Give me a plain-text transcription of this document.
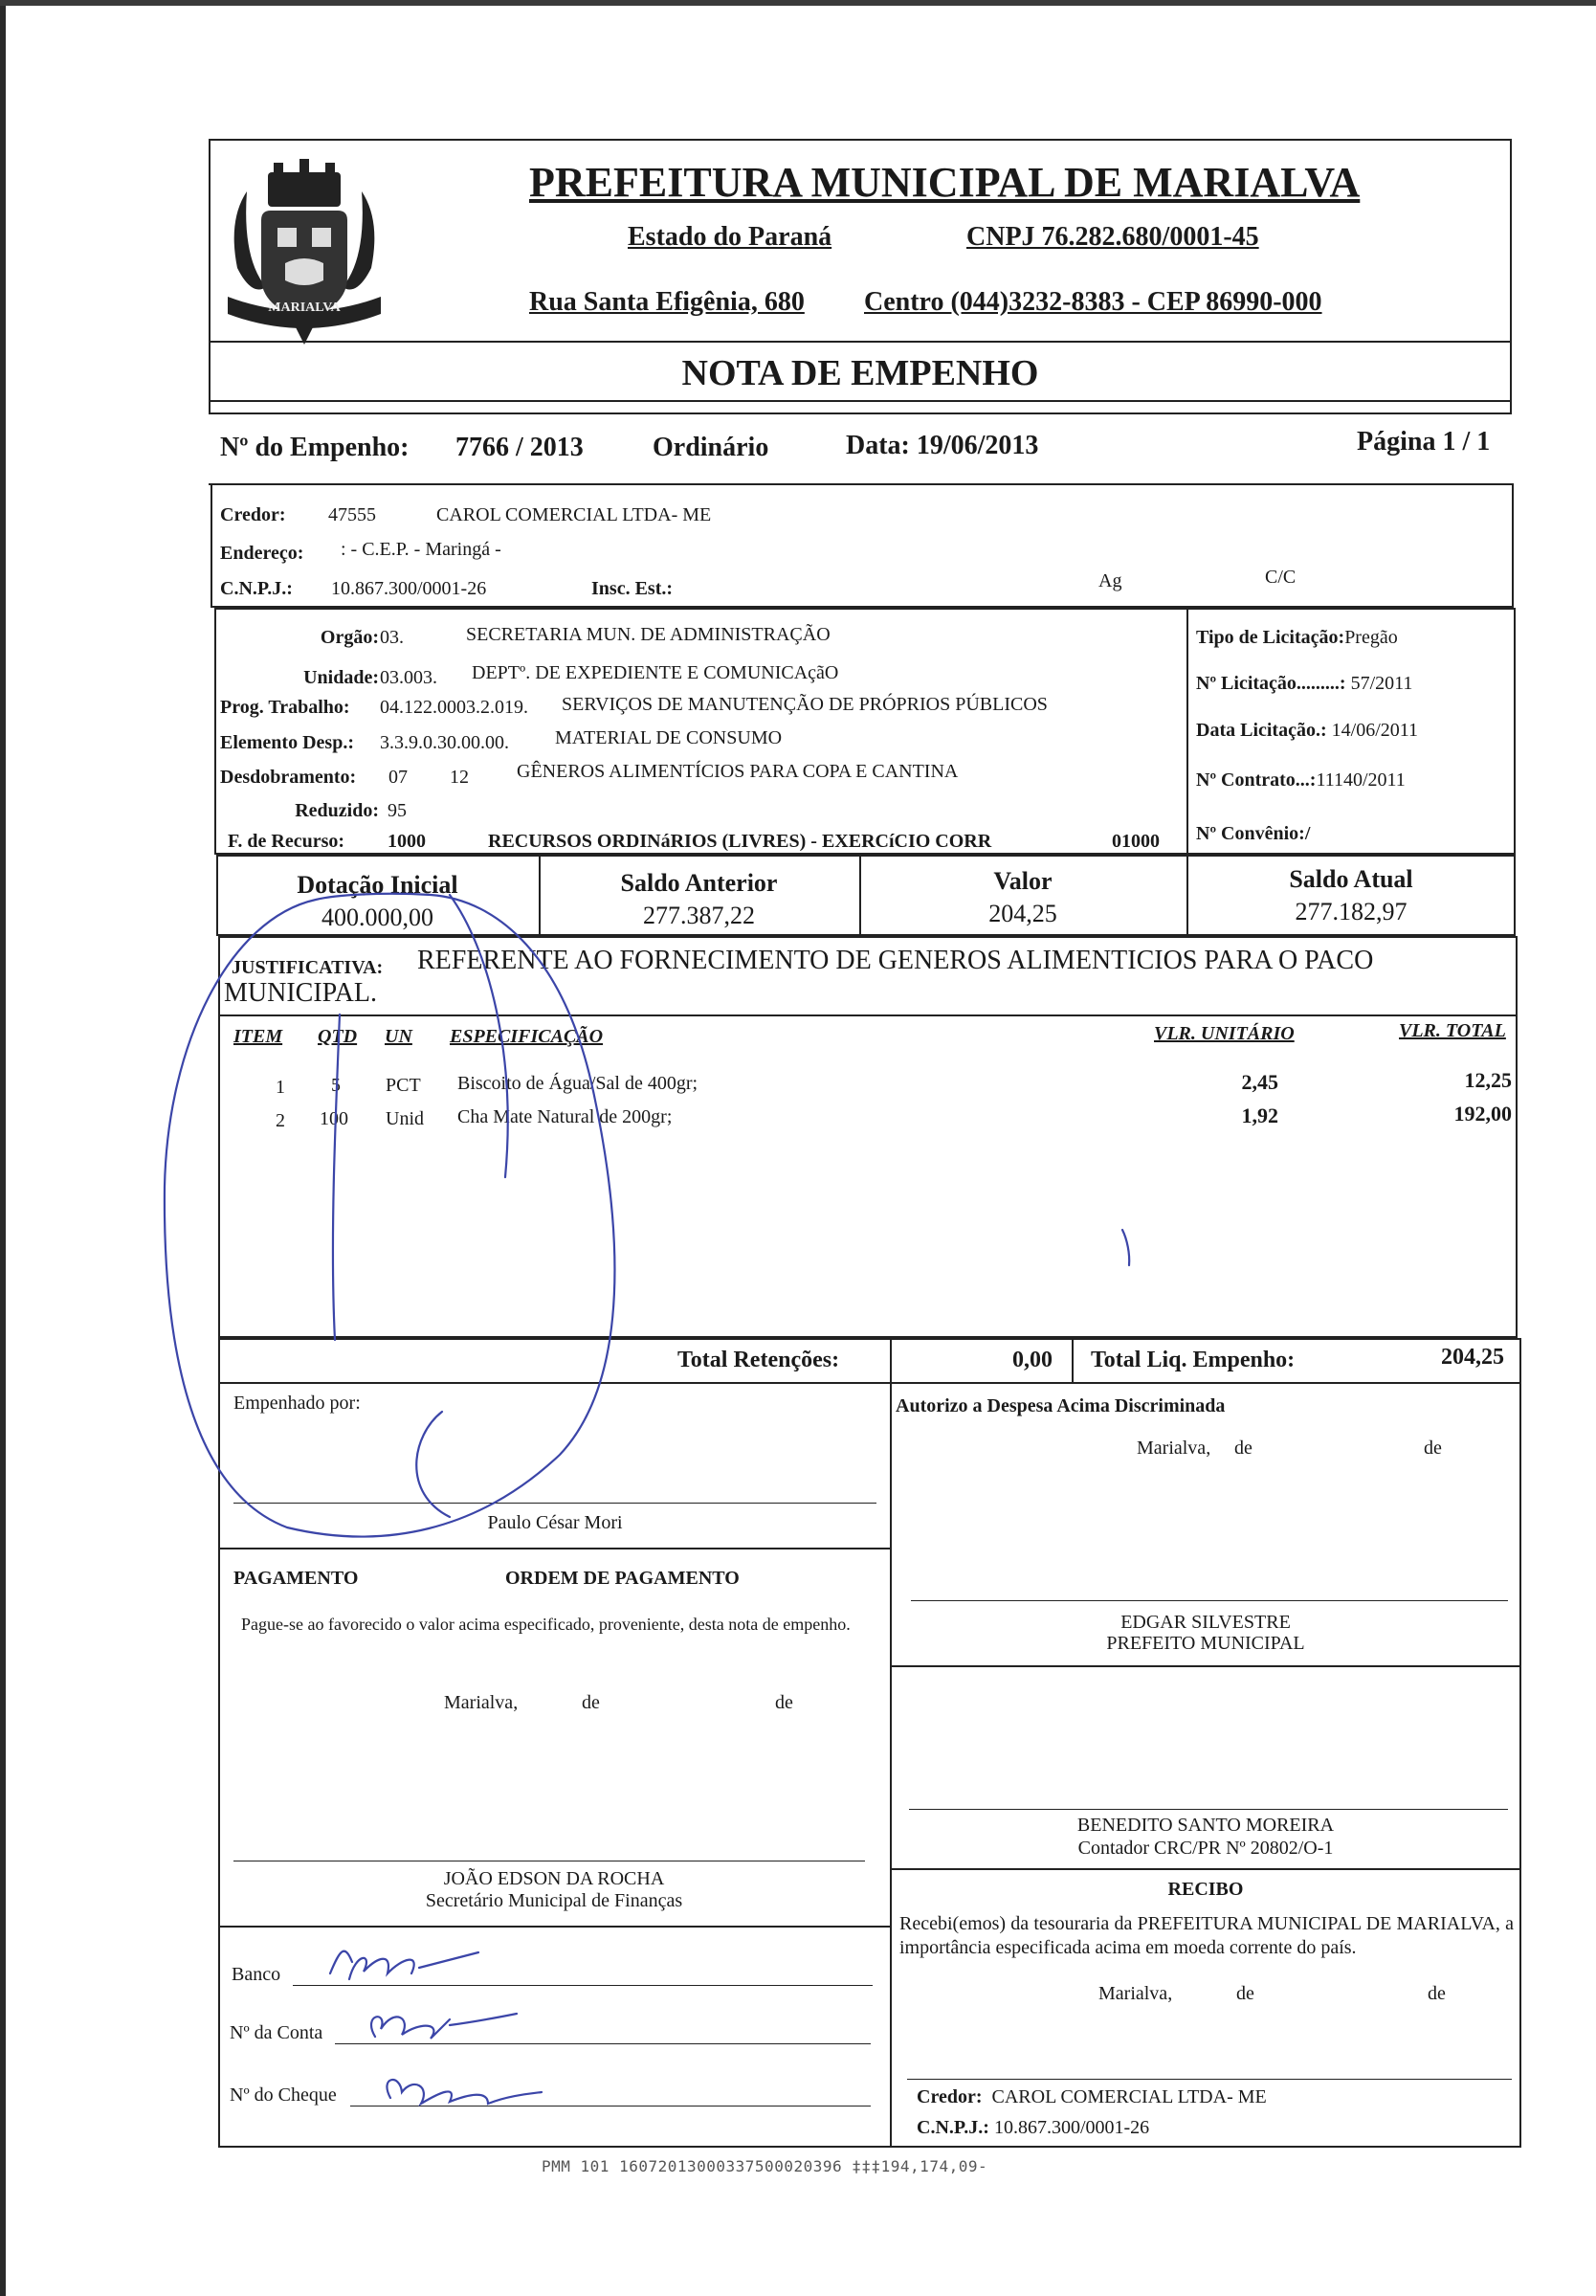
MARIALVA
PREFEITURA MUNICIPAL DE MARIALVA
Estado do Paraná	CNPJ 76.282.680/0001-45
Rua Santa Efigênia, 680 Centro (044)3232-8383 - CEP 86990-000
NOTA DE EMPENHO
Nº do Empenho: 7766 / 2013	Ordinário	Data: 19/06/2013	Página 1 / 1
Credor: 47555	CAROL COMERCIAL LTDA- ME
Endereço: : - C.E.P. - Maringá -
C.N.P.J.: 10.867.300/0001-26	Insc. Est.:	Ag	C/C
Orgão: 03.	SECRETARIA MUN. DE ADMINISTRAÇÃO
Unidade: 03.003. DEPTº. DE EXPEDIENTE E COMUNICAçãO
Prog. Trabalho: 04.122.0003.2.019. SERVIÇOS DE MANUTENÇÃO DE PRÓPRIOS PÚBLICOS
Elemento Desp.: 3.3.9.0.30.00.00. MATERIAL DE CONSUMO
Desdobramento: 07 12	GÊNEROS ALIMENTÍCIOS PARA COPA E CANTINA
Reduzido: 95
F. de Recurso: 1000	RECURSOS ORDINáRIOS (LIVRES) - EXERCíCIO CORR	01000
Tipo de Licitação:Pregão
Nº Licitação.........: 57/2011
Data Licitação.: 14/06/2011
Nº Contrato...:11140/2011
Nº Convênio:/
Dotação Inicial
400.000,00
Saldo Anterior
277.387,22
Valor
204,25
Saldo Atual
277.182,97
JUSTIFICATIVA: REFERENTE AO FORNECIMENTO DE GENEROS ALIMENTICIOS PARA O PACO
MUNICIPAL.
ITEM QTD UN ESPECIFICAÇÃO	VLR. UNITÁRIO	VLR. TOTAL
1 5 PCT Biscoito de Água/Sal de 400gr;	2,45	12,25
2 100 Unid Cha Mate Natural de 200gr;	1,92	192,00
Total Retenções:	0,00 Total Liq. Empenho:	204,25
Empenhado por:
Paulo César Mori
Autorizo a Despesa Acima Discriminada
Marialva, de	de
EDGAR SILVESTRE
PREFEITO MUNICIPAL
PAGAMENTO	ORDEM DE PAGAMENTO
Pague-se ao favorecido o valor acima especificado, proveniente, desta nota de empenho.
Marialva,	de	de
JOÃO EDSON DA ROCHA
Secretário Municipal de Finanças
BENEDITO SANTO MOREIRA
Contador CRC/PR Nº 20802/O-1
RECIBO
Recebi(emos) da tesouraria da PREFEITURA MUNICIPAL DE MARIALVA, a importância especificada acima em moeda corrente do país.
Marialva,	de	de
Credor: CAROL COMERCIAL LTDA- ME
C.N.P.J.: 10.867.300/0001-26
Banco
Nº da Conta
Nº do Cheque
PMM 101 16072013000337500020396 ‡‡‡194,174,09-
